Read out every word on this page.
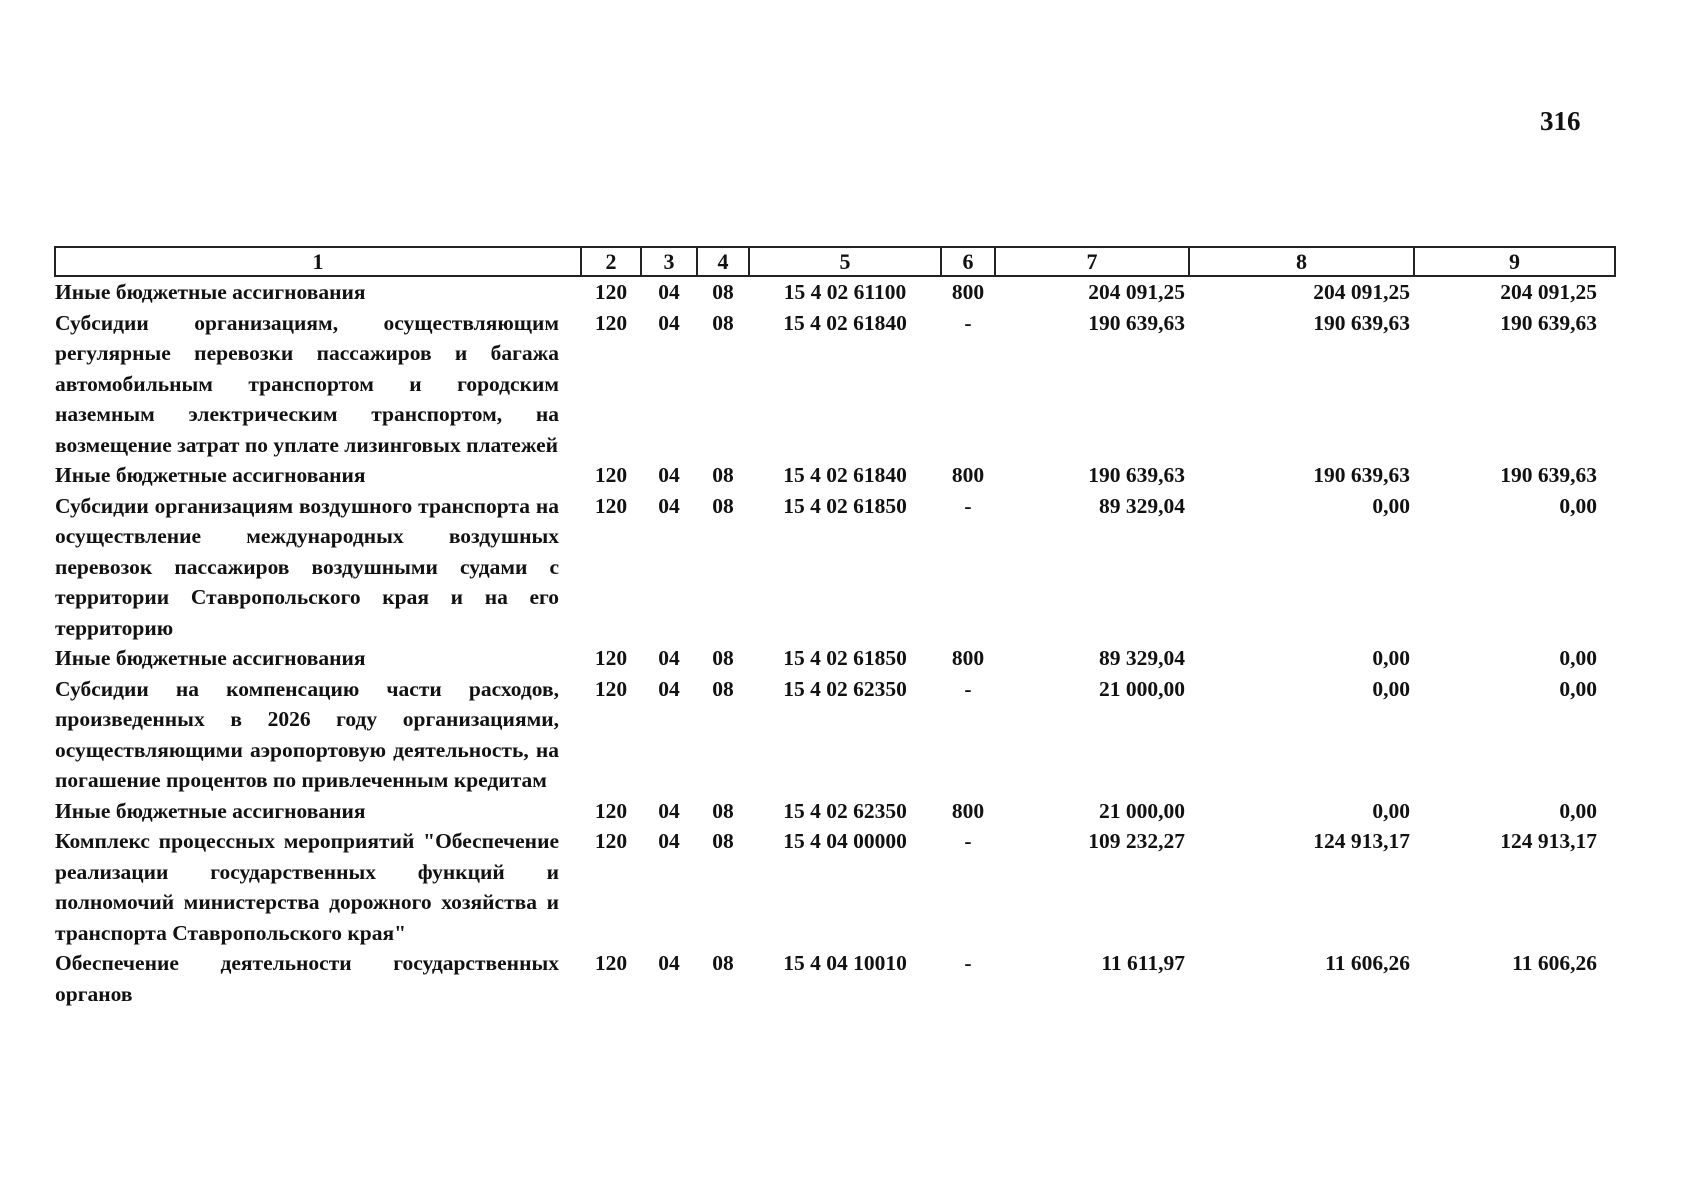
316
1	2	3	4	5	6	7	8	9
Иные бюджетные ассигнования	120	04	08	15 4 02 61100	800	204 091,25	204 091,25	204 091,25
Субсидии организациям, осуществляющим регулярные перевозки пассажиров и багажа автомобильным транспортом и городским наземным электрическим транспортом, на возмещение затрат по уплате лизинговых платежей	120	04	08	15 4 02 61840	-	190 639,63	190 639,63	190 639,63
Иные бюджетные ассигнования	120	04	08	15 4 02 61840	800	190 639,63	190 639,63	190 639,63
Субсидии организациям воздушного транспорта на осуществление международных воздушных перевозок пассажиров воздушными судами с территории Ставропольского края и на его территорию	120	04	08	15 4 02 61850	-	89 329,04	0,00	0,00
Иные бюджетные ассигнования	120	04	08	15 4 02 61850	800	89 329,04	0,00	0,00
Субсидии на компенсацию части расходов, произведенных в 2026 году организациями, осуществляющими аэропортовую деятельность, на погашение процентов по привлеченным кредитам	120	04	08	15 4 02 62350	-	21 000,00	0,00	0,00
Иные бюджетные ассигнования	120	04	08	15 4 02 62350	800	21 000,00	0,00	0,00
Комплекс процессных мероприятий "Обеспечение реализации государственных функций и полномочий министерства дорожного хозяйства и транспорта Ставропольского края"	120	04	08	15 4 04 00000	-	109 232,27	124 913,17	124 913,17
Обеспечение деятельности государственных органов	120	04	08	15 4 04 10010	-	11 611,97	11 606,26	11 606,26
